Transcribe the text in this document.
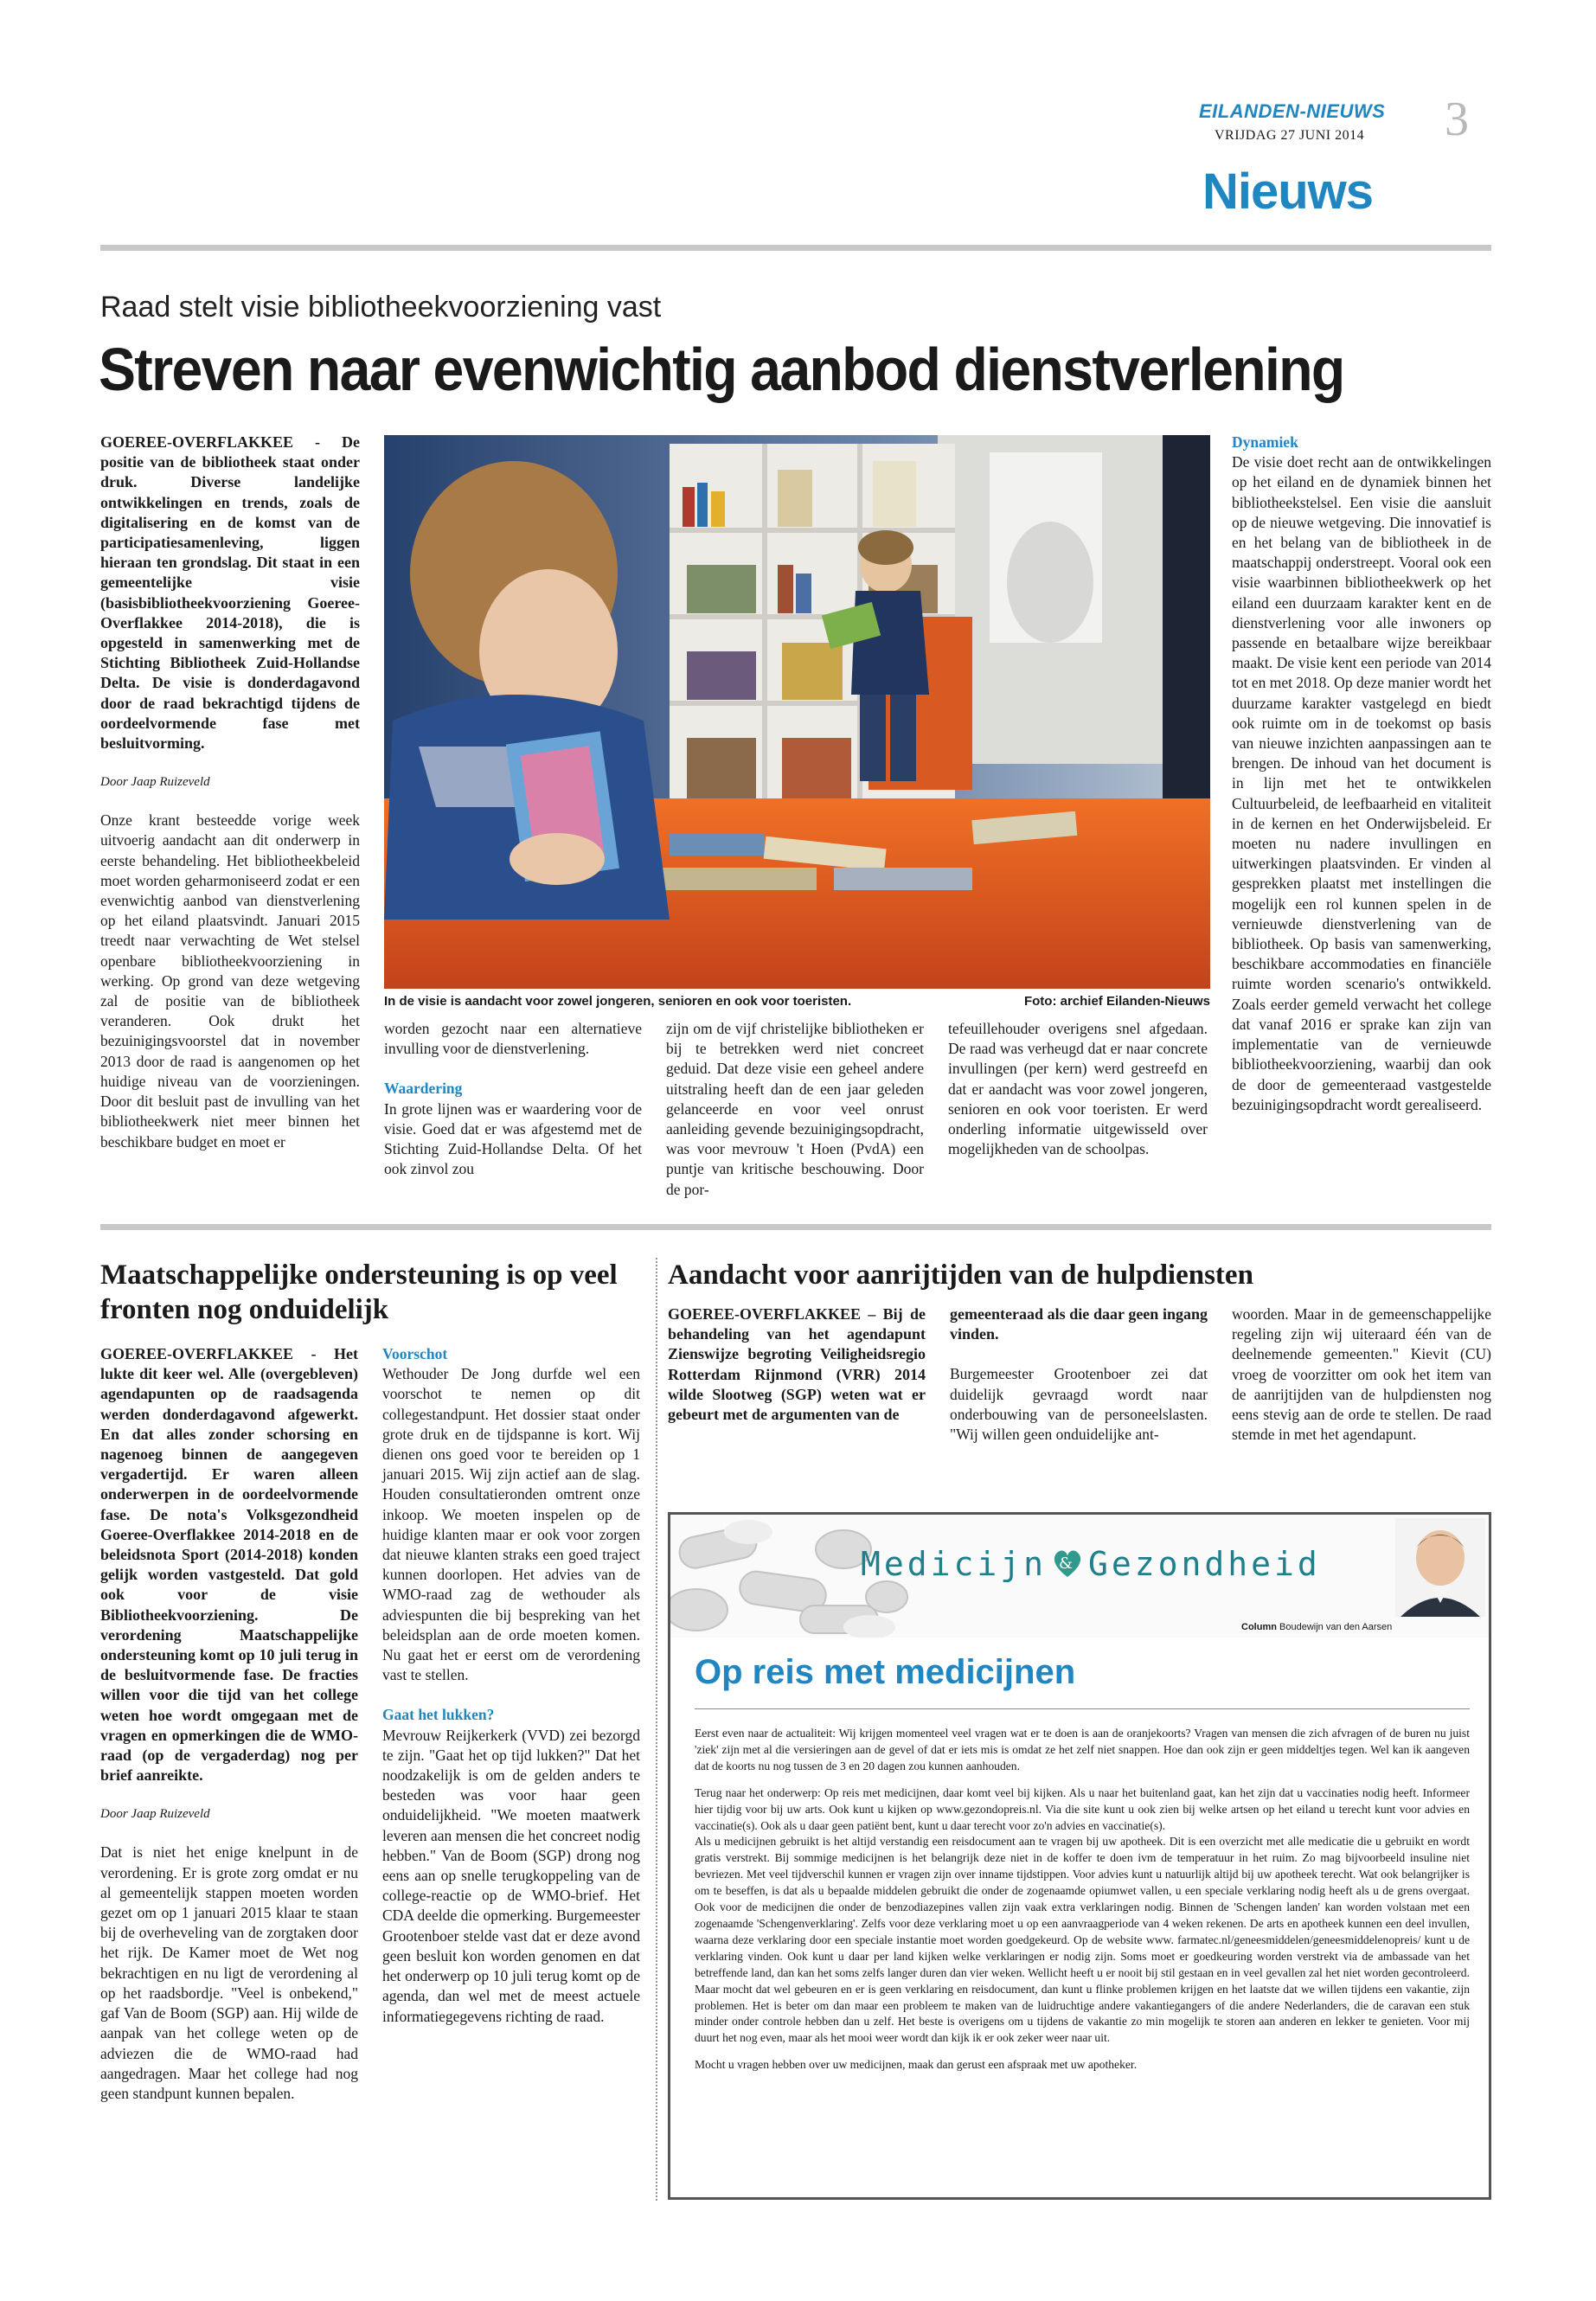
EILANDEN-NIEUWS
VRIJDAG 27 JUNI 2014 3
Nieuws
Raad stelt visie bibliotheekvoorziening vast
Streven naar evenwichtig aanbod dienstverlening

GOEREE-OVERFLAKKEE - De positie van de bibliotheek staat onder druk. Diverse landelijke ontwikkelingen en trends, zoals de digitalisering en de komst van de participatiesamenleving, liggen hieraan ten grondslag. Dit staat in een gemeentelijke visie (basisbibliotheekvoorziening Goeree-Overflakkee 2014-2018), die is opgesteld in samenwerking met de Stichting Bibliotheek Zuid-Hollandse Delta. De visie is donderdagavond door de raad bekrachtigd tijdens de oordeelvormende fase met besluitvorming.

Door Jaap Ruizeveld

Onze krant besteedde vorige week uitvoerig aandacht aan dit onderwerp in eerste behandeling. Het bibliotheekbeleid moet worden geharmoniseerd zodat er een evenwichtig aanbod van dienstverlening op het eiland plaatsvindt. Januari 2015 treedt naar verwachting de Wet stelsel openbare bibliotheekvoorziening in werking. Op grond van deze wetgeving zal de positie van de bibliotheek veranderen. Ook drukt het bezuinigingsvoorstel dat in november 2013 door de raad is aangenomen op het huidige niveau van de voorzieningen. Door dit besluit past de invulling van het bibliotheekwerk niet meer binnen het beschikbare budget en moet er

In de visie is aandacht voor zowel jongeren, senioren en ook voor toeristen.	Foto: archief Eilanden-Nieuws

worden gezocht naar een alternatieve invulling voor de dienstverlening.

Waardering

In grote lijnen was er waardering voor de visie. Goed dat er was afgestemd met de Stichting Zuid-Hollandse Delta. Of het ook zinvol zou

zijn om de vijf christelijke bibliotheken er bij te betrekken werd niet concreet geduid. Dat deze visie een geheel andere uitstraling heeft dan de een jaar geleden gelanceerde en voor veel onrust aanleiding gevende bezuinigingsopdracht, was voor mevrouw 't Hoen (PvdA) een puntje van kritische beschouwing. Door de por-

tefeuillehouder overigens snel afgedaan. De raad was verheugd dat er naar concrete invullingen (per kern) werd gestreefd en dat er aandacht was voor zowel jongeren, senioren en ook voor toeristen. Er werd onderling informatie uitgewisseld over mogelijkheden van de schoolpas.

Dynamiek

De visie doet recht aan de ontwikkelingen op het eiland en de dynamiek binnen het bibliotheekstelsel. Een visie die aansluit op de nieuwe wetgeving. Die innovatief is en het belang van de bibliotheek in de maatschappij onderstreept. Vooral ook een visie waarbinnen bibliotheekwerk op het eiland een duurzaam karakter kent en de dienstverlening voor alle inwoners op passende en betaalbare wijze bereikbaar maakt. De visie kent een periode van 2014 tot en met 2018. Op deze manier wordt het duurzame karakter vastgelegd en biedt ook ruimte om in de toekomst op basis van nieuwe inzichten aanpassingen aan te brengen. De inhoud van het document is in lijn met het te ontwikkelen Cultuurbeleid, de leefbaarheid en vitaliteit in de kernen en het Onderwijsbeleid. Er moeten nu nadere invullingen en uitwerkingen plaatsvinden. Er vinden al gesprekken plaatst met instellingen die mogelijk een rol kunnen spelen in de vernieuwde dienstverlening van de bibliotheek. Op basis van samenwerking, beschikbare accommodaties en financiële ruimte worden scenario's ontwikkeld. Zoals eerder gemeld verwacht het college dat vanaf 2016 er sprake kan zijn van implementatie van de vernieuwde bibliotheekvoorziening, waarbij dan ook de door de gemeenteraad vastgestelde bezuinigingsopdracht wordt gerealiseerd.

Maatschappelijke ondersteuning is op veel fronten nog onduidelijk

GOEREE-OVERFLAKKEE - Het lukte dit keer wel. Alle (overgebleven) agendapunten op de raadsagenda werden donderdagavond afgewerkt. En dat alles zonder schorsing en nagenoeg binnen de aangegeven vergadertijd. Er waren alleen onderwerpen in de oordeelvormende fase. De nota's Volksgezondheid Goeree-Overflakkee 2014-2018 en de beleidsnota Sport (2014-2018) konden gelijk worden vastgesteld. Dat gold ook voor de visie Bibliotheekvoorziening. De verordening Maatschappelijke ondersteuning komt op 10 juli terug in de besluitvormende fase. De fracties willen voor die tijd van het college weten hoe wordt omgegaan met de vragen en opmerkingen die de WMO-raad (op de vergaderdag) nog per brief aanreikte.

Door Jaap Ruizeveld

Dat is niet het enige knelpunt in de verordening. Er is grote zorg omdat er nu al gemeentelijk stappen moeten worden gezet om op 1 januari 2015 klaar te staan bij de overheveling van de zorgtaken door het rijk. De Kamer moet de Wet nog bekrachtigen en nu ligt de verordening al op het raadsbordje. "Veel is onbekend," gaf Van de Boom (SGP) aan. Hij wilde de aanpak van het college weten op de adviezen die de WMO-raad had aangedragen. Maar het college had nog geen standpunt kunnen bepalen.

Voorschot

Wethouder De Jong durfde wel een voorschot te nemen op dit collegestandpunt. Het dossier staat onder grote druk en de tijdspanne is kort. Wij dienen ons goed voor te bereiden op 1 januari 2015. Wij zijn actief aan de slag. Houden consultatieronden omtrent onze inkoop. We moeten inspelen op de huidige klanten maar er ook voor zorgen dat nieuwe klanten straks een goed traject kunnen doorlopen. Het advies van de WMO-raad zag de wethouder als adviespunten die bij bespreking van het beleidsplan aan de orde moeten komen. Nu gaat het er eerst om de verordening vast te stellen.

Gaat het lukken?

Mevrouw Reijkerkerk (VVD) zei bezorgd te zijn. "Gaat het op tijd lukken?" Dat het noodzakelijk is om de gelden anders te besteden was voor haar geen onduidelijkheid. "We moeten maatwerk leveren aan mensen die het concreet nodig hebben." Van de Boom (SGP) drong nog eens aan op snelle terugkoppeling van de college-reactie op de WMO-brief. Het CDA deelde die opmerking. Burgemeester Grootenboer stelde vast dat er deze avond geen besluit kon worden genomen en dat het onderwerp op 10 juli terug komt op de agenda, dan wel met de meest actuele informatiegegevens richting de raad.

Aandacht voor aanrijtijden van de hulpdiensten

GOEREE-OVERFLAKKEE – Bij de behandeling van het agendapunt Zienswijze begroting Veiligheidsregio Rotterdam Rijnmond (VRR) 2014 wilde Slootweg (SGP) weten wat er gebeurt met de argumenten van de

gemeenteraad als die daar geen ingang vinden.

Burgemeester Grootenboer zei dat duidelijk gevraagd wordt naar onderbouwing van de personeelslasten. "Wij willen geen onduidelijke ant-

woorden. Maar in de gemeenschappelijke regeling zijn wij uiteraard één van de deelnemende gemeenten." Kievit (CU) vroeg de voorzitter om ook het item van de aanrijtijden van de hulpdiensten nog eens stevig aan de orde te stellen. De raad stemde in met het agendapunt.

Medicijn & Gezondheid
Column Boudewijn van den Aarsen
Op reis met medicijnen

Eerst even naar de actualiteit: Wij krijgen momenteel veel vragen wat er te doen is aan de oranjekoorts? Vragen van mensen die zich afvragen of de buren nu juist 'ziek' zijn met al die versieringen aan de gevel of dat er iets mis is omdat ze het zelf niet snappen. Hoe dan ook zijn er geen middeltjes tegen. Wel kan ik aangeven dat de koorts nu nog tussen de 3 en 20 dagen zou kunnen aanhouden.

Terug naar het onderwerp: Op reis met medicijnen, daar komt veel bij kijken. Als u naar het buitenland gaat, kan het zijn dat u vaccinaties nodig heeft. Informeer hier tijdig voor bij uw arts. Ook kunt u kijken op www.gezondopreis.nl. Via die site kunt u ook zien bij welke artsen op het eiland u terecht kunt voor advies en vaccinatie(s). Ook als u daar geen patiënt bent, kunt u daar terecht voor zo'n advies en vaccinatie(s).

Als u medicijnen gebruikt is het altijd verstandig een reisdocument aan te vragen bij uw apotheek. Dit is een overzicht met alle medicatie die u gebruikt en wordt gratis verstrekt. Bij sommige medicijnen is het belangrijk deze niet in de koffer te doen ivm de temperatuur in het ruim. Zo mag bijvoorbeeld insuline niet bevriezen. Met veel tijdverschil kunnen er vragen zijn over inname tijdstippen. Voor advies kunt u natuurlijk altijd bij uw apotheek terecht. Wat ook belangrijker is om te beseffen, is dat als u bepaalde middelen gebruikt die onder de zogenaamde opiumwet vallen, u een speciale verklaring nodig heeft als u de grens overgaat. Ook voor de medicijnen die onder de benzodiazepines vallen zijn vaak extra verklaringen nodig. Binnen de 'Schengen landen' kan worden volstaan met een zogenaamde 'Schengenverklaring'. Zelfs voor deze verklaring moet u op een aanvraagperiode van 4 weken rekenen. De arts en apotheek kunnen een deel invullen, waarna deze verklaring door een speciale instantie moet worden goedgekeurd. Op de website www. farmatec.nl/geneesmiddelen/geneesmiddelenopreis/ kunt u de verklaring vinden. Ook kunt u daar per land kijken welke verklaringen er nodig zijn. Soms moet er goedkeuring worden verstrekt via de ambassade van het betreffende land, dan kan het soms zelfs langer duren dan vier weken. Wellicht heeft u er nooit bij stil gestaan en in veel gevallen zal het niet worden gecontroleerd. Maar mocht dat wel gebeuren en er is geen verklaring en reisdocument, dan kunt u flinke problemen krijgen en het laatste dat we willen tijdens een vakantie, zijn problemen. Het is beter om dan maar een probleem te maken van de luidruchtige andere vakantiegangers of die andere Nederlanders, die de caravan een stuk minder onder controle hebben dan u zelf. Het beste is overigens om u tijdens de vakantie zo min mogelijk te storen aan anderen en lekker te genieten. Voor mij duurt het nog even, maar als het mooi weer wordt dan kijk ik er ook zeker weer naar uit.

Mocht u vragen hebben over uw medicijnen, maak dan gerust een afspraak met uw apotheker.
